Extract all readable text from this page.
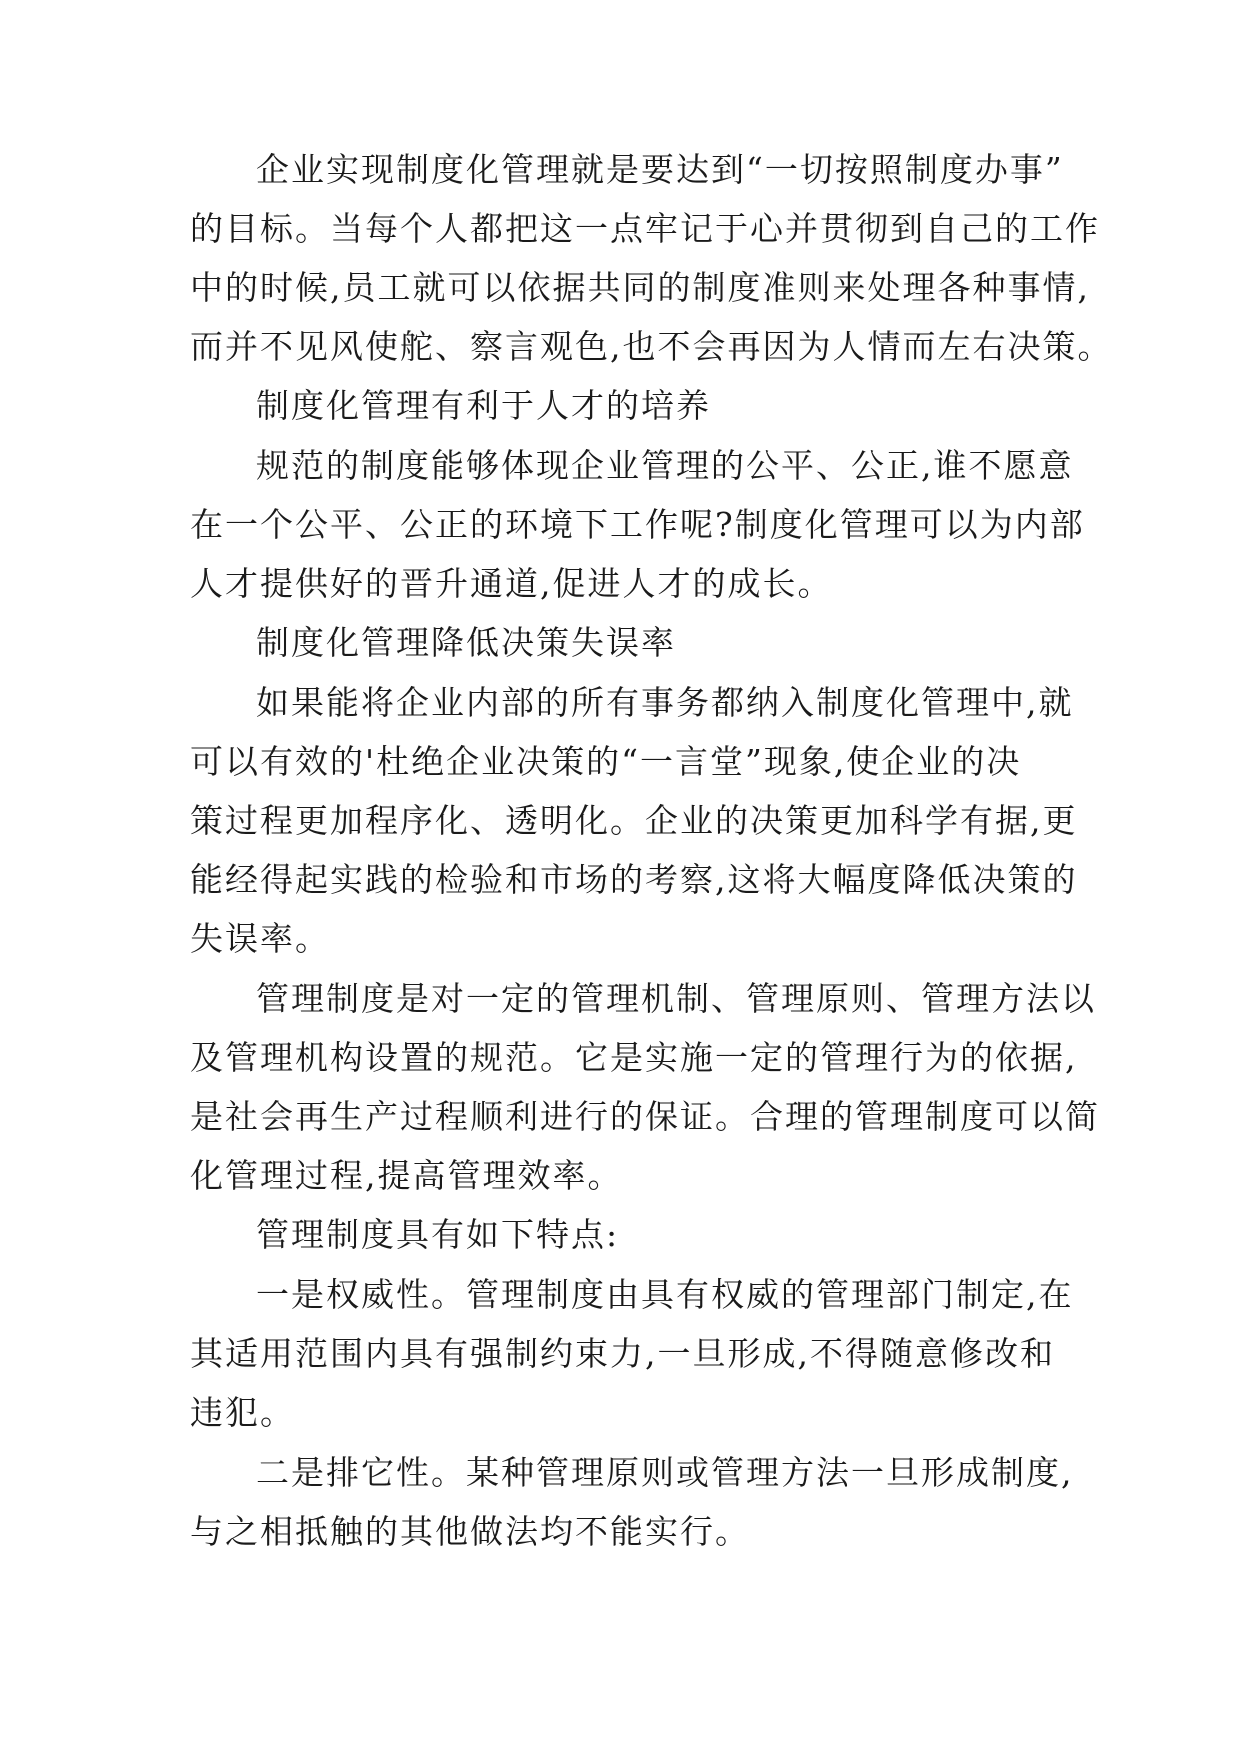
企业实现制度化管理就是要达到“一切按照制度办事”
的目标。当每个人都把这一点牢记于心并贯彻到自己的工作
中的时候,员工就可以依据共同的制度准则来处理各种事情,
而并不见风使舵、察言观色,也不会再因为人情而左右决策。
制度化管理有利于人才的培养
规范的制度能够体现企业管理的公平、公正,谁不愿意
在一个公平、公正的环境下工作呢?制度化管理可以为内部
人才提供好的晋升通道,促进人才的成长。
制度化管理降低决策失误率
如果能将企业内部的所有事务都纳入制度化管理中,就
可以有效的'杜绝企业决策的“一言堂”现象,使企业的决
策过程更加程序化、透明化。企业的决策更加科学有据,更
能经得起实践的检验和市场的考察,这将大幅度降低决策的
失误率。
管理制度是对一定的管理机制、管理原则、管理方法以
及管理机构设置的规范。它是实施一定的管理行为的依据,
是社会再生产过程顺利进行的保证。合理的管理制度可以简
化管理过程,提高管理效率。
管理制度具有如下特点:
一是权威性。管理制度由具有权威的管理部门制定,在
其适用范围内具有强制约束力,一旦形成,不得随意修改和
违犯。
二是排它性。某种管理原则或管理方法一旦形成制度,
与之相抵触的其他做法均不能实行。
